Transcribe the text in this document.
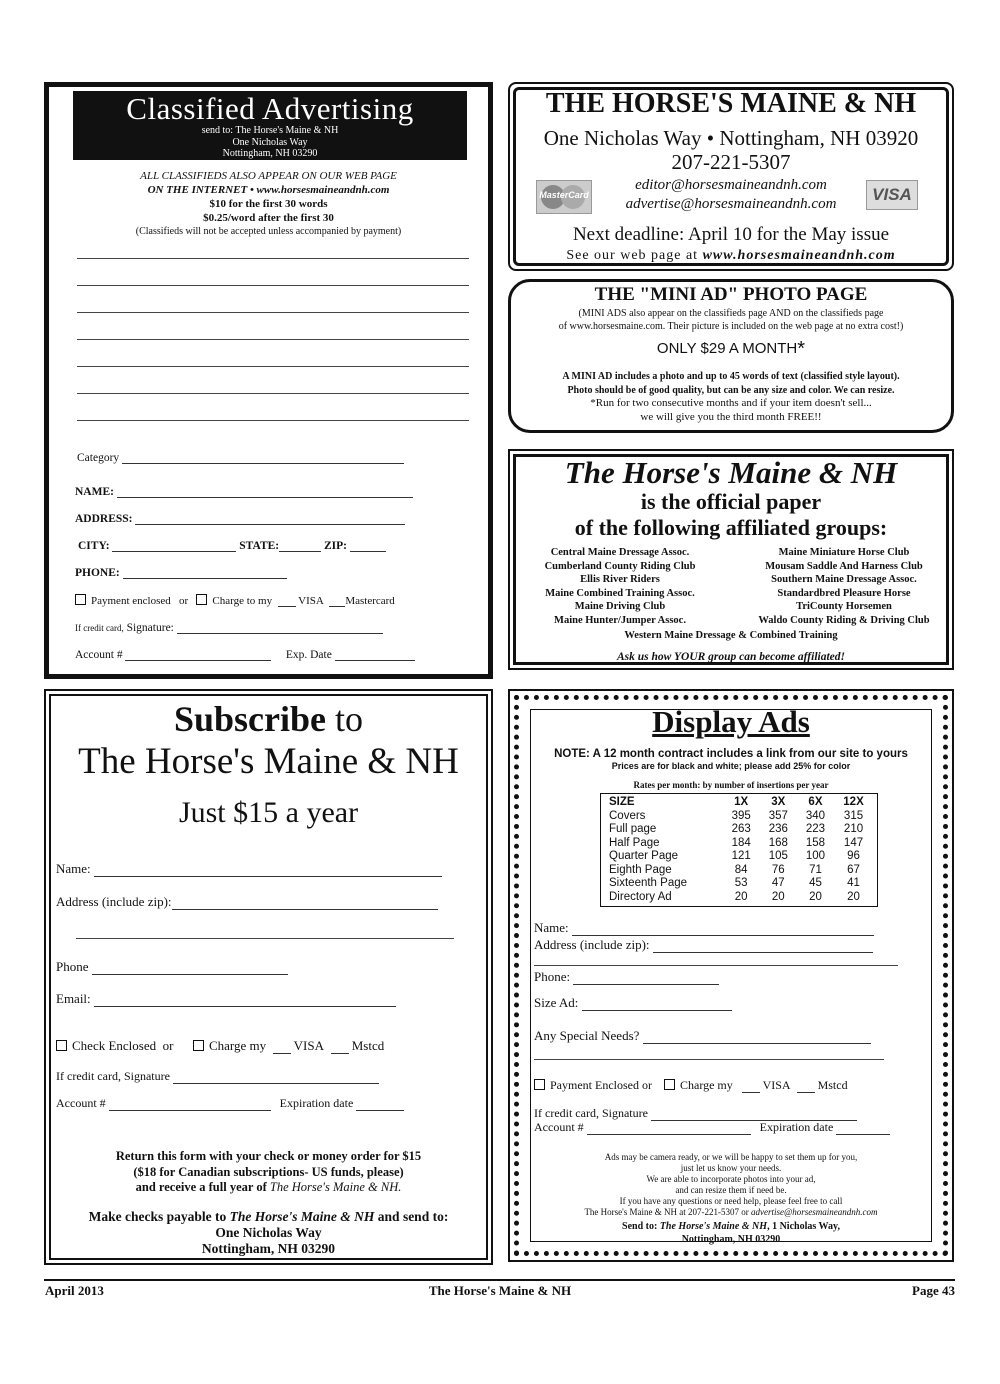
Classified Advertising
send to: The Horse's Maine & NH
One Nicholas Way
Nottingham, NH 03290
ALL CLASSIFIEDS ALSO APPEAR ON OUR WEB PAGE
ON THE INTERNET • www.horsesmaineandnh.com
$10 for the first 30 words
$0.25/word after the first 30
(Classifieds will not be accepted unless accompanied by payment)
Category
NAME:
ADDRESS:
CITY:	STATE:	ZIP:
PHONE:
Payment enclosed or Charge to my VISA Mastercard
If credit card, Signature:
Account #	Exp. Date
THE HORSE'S MAINE & NH
One Nicholas Way • Nottingham, NH 03920
207-221-5307
MasterCard
editor@horsesmaineandnh.com
advertise@horsesmaineandnh.com	VISA
Next deadline: April 10 for the May issue
See our web page at www.horsesmaineandnh.com
THE "MINI AD" PHOTO PAGE
(MINI ADS also appear on the classifieds page AND on the classifieds page
of www.horsesmaine.com. Their picture is included on the web page at no extra cost!)
ONLY $29 A MONTH*
A MINI AD includes a photo and up to 45 words of text (classified style layout).
Photo should be of good quality, but can be any size and color. We can resize.
*Run for two consecutive months and if your item doesn't sell...
we will give you the third month FREE!!
The Horse's Maine & NH
is the official paper
of the following affiliated groups:
Central Maine Dressage Assoc.
Cumberland County Riding Club
Ellis River Riders
Maine Combined Training Assoc.
Maine Driving Club
Maine Hunter/Jumper Assoc.
Maine Miniature Horse Club
Mousam Saddle And Harness Club
Southern Maine Dressage Assoc.
Standardbred Pleasure Horse
TriCounty Horsemen
Waldo County Riding & Driving Club
Western Maine Dressage & Combined Training
Ask us how YOUR group can become affiliated!
Subscribe to
The Horse's Maine & NH
Just $15 a year
Name:
Address (include zip):
Phone
Email:
Check Enclosed or	Charge my VISA Mstcd
If credit card, Signature
Account #	Expiration date
Return this form with your check or money order for $15
($18 for Canadian subscriptions- US funds, please)
and receive a full year of The Horse's Maine & NH.
Make checks payable to The Horse's Maine & NH and send to:
One Nicholas Way
Nottingham, NH 03290
Display Ads
NOTE: A 12 month contract includes a link from our site to yours
Prices are for black and white; please add 25% for color
Rates per month: by number of insertions per year
SIZE	1X	3X	6X	12X
Covers	395	357	340	315
Full page	263	236	223	210
Half Page	184	168	158	147
Quarter Page	121	105	100	96
Eighth Page	84	76	71	67
Sixteenth Page	53	47	45	41
Directory Ad	20	20	20	20
Name:
Address (include zip):
Phone:
Size Ad:
Any Special Needs?
Payment Enclosed or Charge my VISA Mstcd
If credit card, Signature
Account #	Expiration date
Ads may be camera ready, or we will be happy to set them up for you,
just let us know your needs.
We are able to incorporate photos into your ad,
and can resize them if need be.
If you have any questions or need help, please feel free to call
The Horse's Maine & NH at 207-221-5307 or advertise@horsesmaineandnh.com
Send to: The Horse's Maine & NH, 1 Nicholas Way,
Nottingham, NH 03290
April 2013	The Horse's Maine & NH	Page 43
